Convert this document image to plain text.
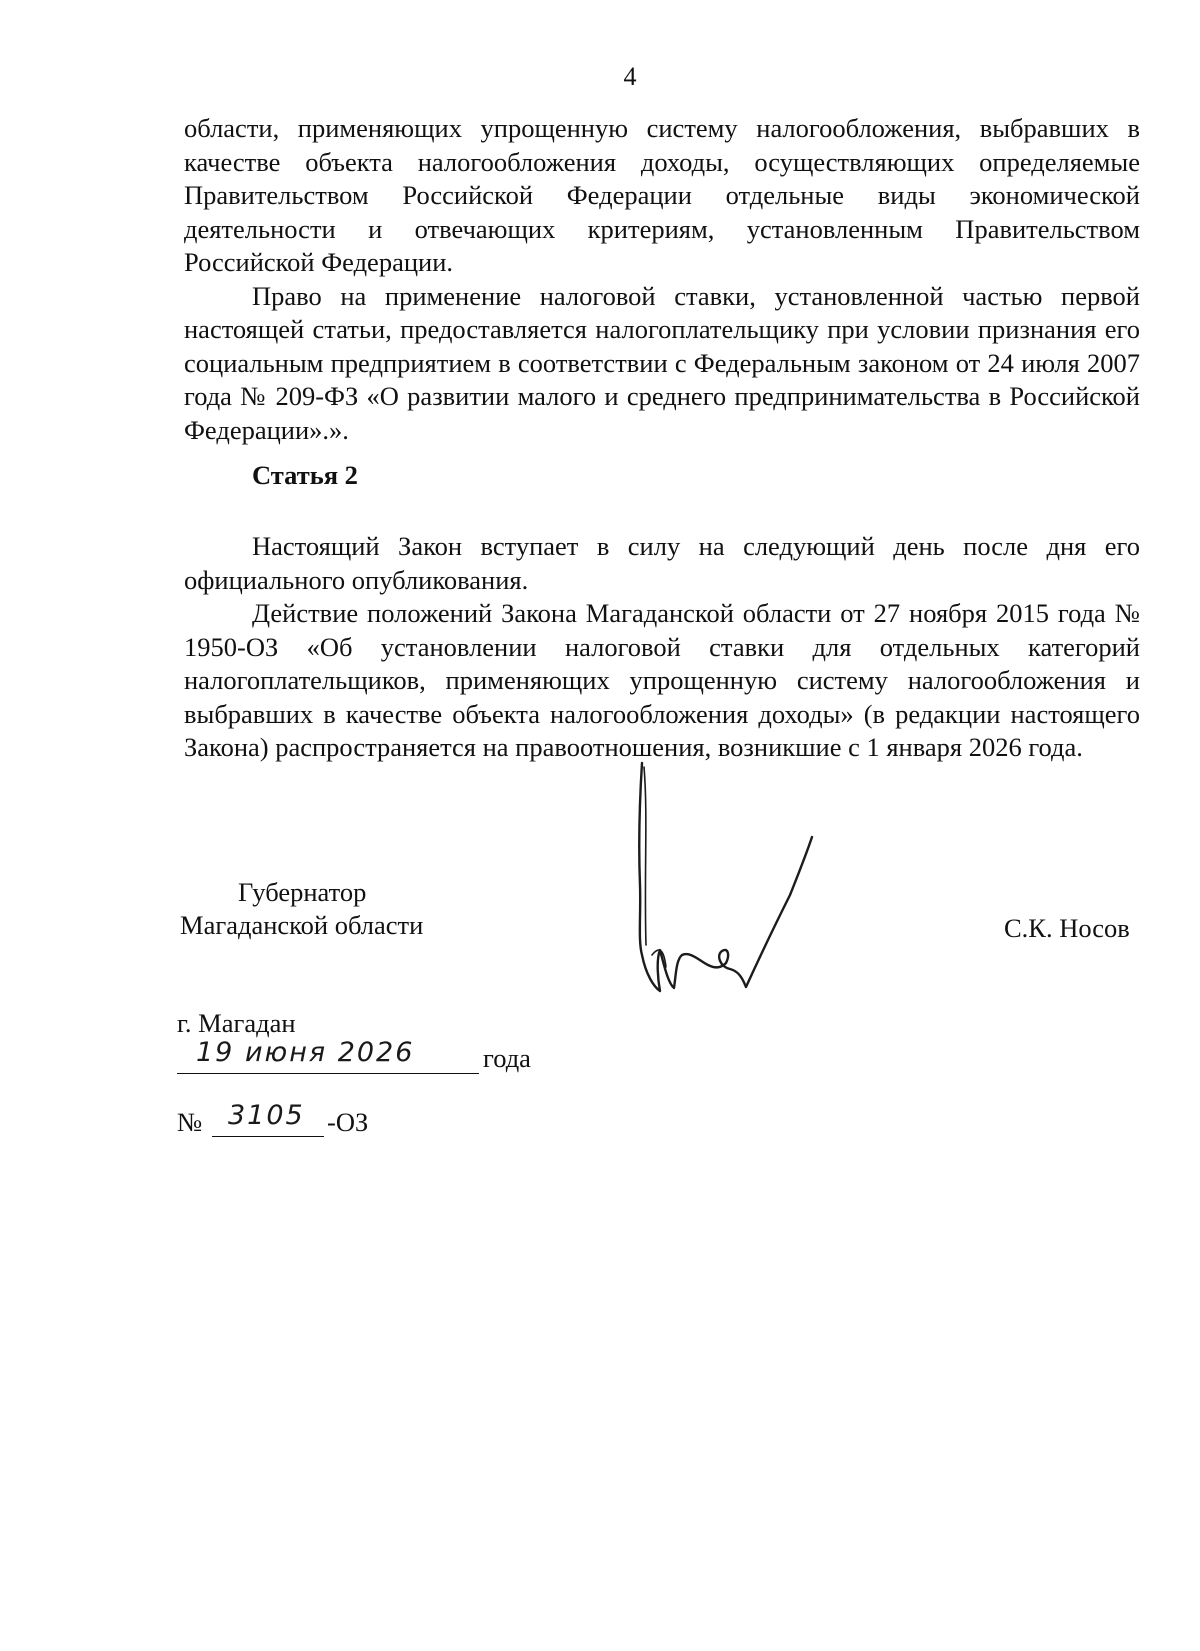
4

области, применяющих упрощенную систему налогообложения, выбравших в качестве объекта налогообложения доходы, осуществляющих определяемые Правительством Российской Федерации отдельные виды экономической деятельности и отвечающих критериям, установленным Правительством Российской Федерации.

Право на применение налоговой ставки, установленной частью первой настоящей статьи, предоставляется налогоплательщику при условии признания его социальным предприятием в соответствии с Федеральным законом от 24 июля 2007 года № 209-ФЗ «О развитии малого и среднего предпринимательства в Российской Федерации».».

Статья 2

Настоящий Закон вступает в силу на следующий день после дня его официального опубликования.

Действие положений Закона Магаданской области от 27 ноября 2015 года № 1950-ОЗ «Об установлении налоговой ставки для отдельных категорий налогоплательщиков, применяющих упрощенную систему налогообложения и выбравших в качестве объекта налогообложения доходы» (в редакции настоящего Закона) распространяется на правоотношения, возникшие с 1 января 2026 года.

Губернатор
Магаданской области	С.К. Носов
г. Магадан
19 июня 2026	года
№ 3105 -ОЗ
